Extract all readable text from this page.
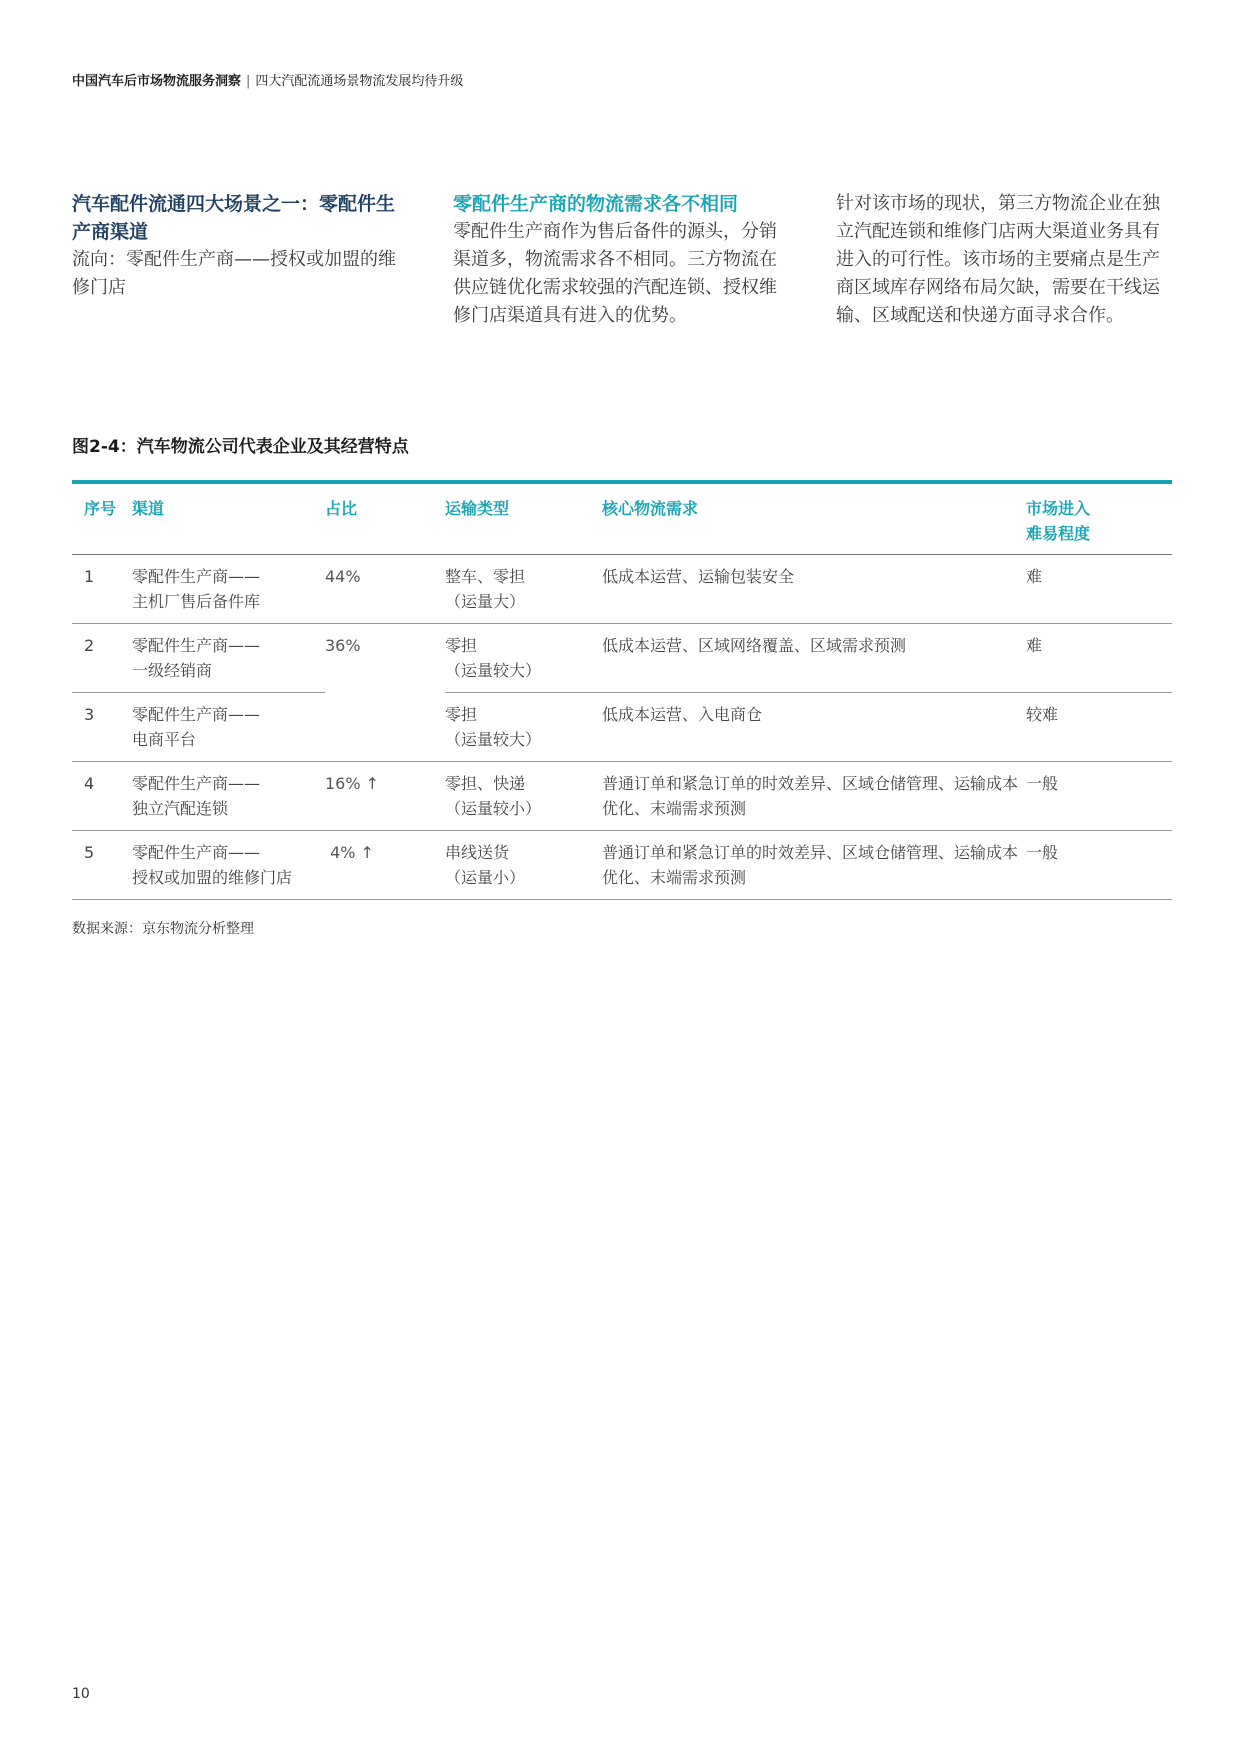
中国汽车后市场物流服务洞察 | 四大汽配流通场景物流发展均待升级
汽车配件流通四大场景之一：零配件生产商渠道

流向：零配件生产商——授权或加盟的维修门店

零配件生产商的物流需求各不相同

零配件生产商作为售后备件的源头，分销渠道多，物流需求各不相同。三方物流在供应链优化需求较强的汽配连锁、授权维修门店渠道具有进入的优势。

针对该市场的现状，第三方物流企业在独立汽配连锁和维修门店两大渠道业务具有进入的可行性。该市场的主要痛点是生产商区域库存网络布局欠缺，需要在干线运输、区域配送和快递方面寻求合作。

图2-4：汽车物流公司代表企业及其经营特点
序号	渠道	占比	运输类型	核心物流需求	市场进入
难易程度
1	零配件生产商——
主机厂售后备件库	44%	整车、零担
（运量大）	低成本运营、运输包装安全	难
2	零配件生产商——
一级经销商	36%	零担
（运量较大）	低成本运营、区域网络覆盖、区域需求预测	难
3	零配件生产商——
电商平台		零担
（运量较大）	低成本运营、入电商仓	较难
4	零配件生产商——
独立汽配连锁	16% ↑	零担、快递
（运量较小）	普通订单和紧急订单的时效差异、区域仓储管理、运输成本优化、末端需求预测	一般
5	零配件生产商——
授权或加盟的维修门店	4% ↑	串线送货
（运量小）	普通订单和紧急订单的时效差异、区域仓储管理、运输成本优化、末端需求预测	一般
数据来源：京东物流分析整理
10
